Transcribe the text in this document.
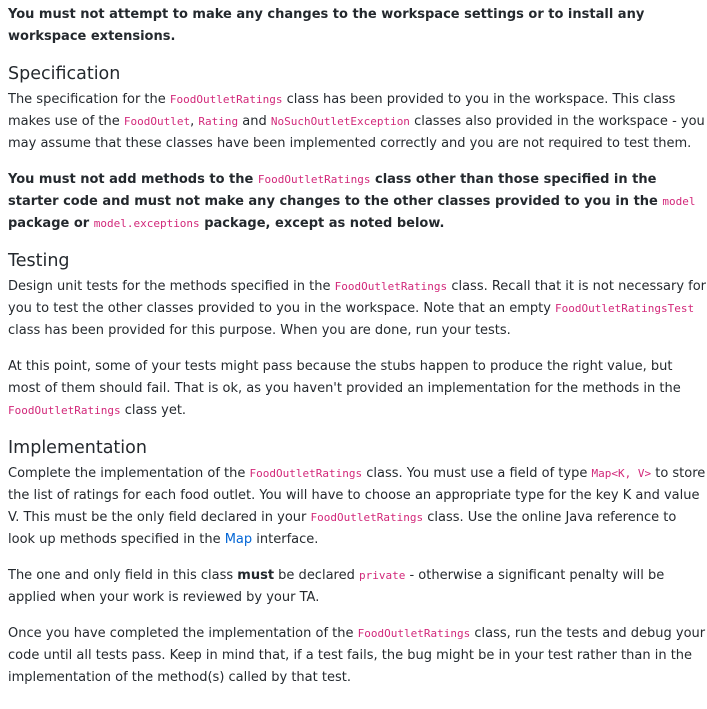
You must not attempt to make any changes to the workspace settings or to install any workspace extensions.

Specification

The specification for the FoodOutletRatings class has been provided to you in the workspace. This class makes use of the FoodOutlet, Rating and NoSuchOutletException classes also provided in the workspace - you may assume that these classes have been implemented correctly and you are not required to test them.

You must not add methods to the FoodOutletRatings class other than those specified in the starter code and must not make any changes to the other classes provided to you in the model package or model.exceptions package, except as noted below.

Testing

Design unit tests for the methods specified in the FoodOutletRatings class. Recall that it is not necessary for you to test the other classes provided to you in the workspace. Note that an empty FoodOutletRatingsTest class has been provided for this purpose. When you are done, run your tests.

At this point, some of your tests might pass because the stubs happen to produce the right value, but most of them should fail. That is ok, as you haven't provided an implementation for the methods in the FoodOutletRatings class yet.

Implementation

Complete the implementation of the FoodOutletRatings class. You must use a field of type Map<K, V> to store the list of ratings for each food outlet. You will have to choose an appropriate type for the key K and value V. This must be the only field declared in your FoodOutletRatings class. Use the online Java reference to look up methods specified in the Map interface.

The one and only field in this class must be declared private - otherwise a significant penalty will be applied when your work is reviewed by your TA.

Once you have completed the implementation of the FoodOutletRatings class, run the tests and debug your code until all tests pass. Keep in mind that, if a test fails, the bug might be in your test rather than in the implementation of the method(s) called by that test.
